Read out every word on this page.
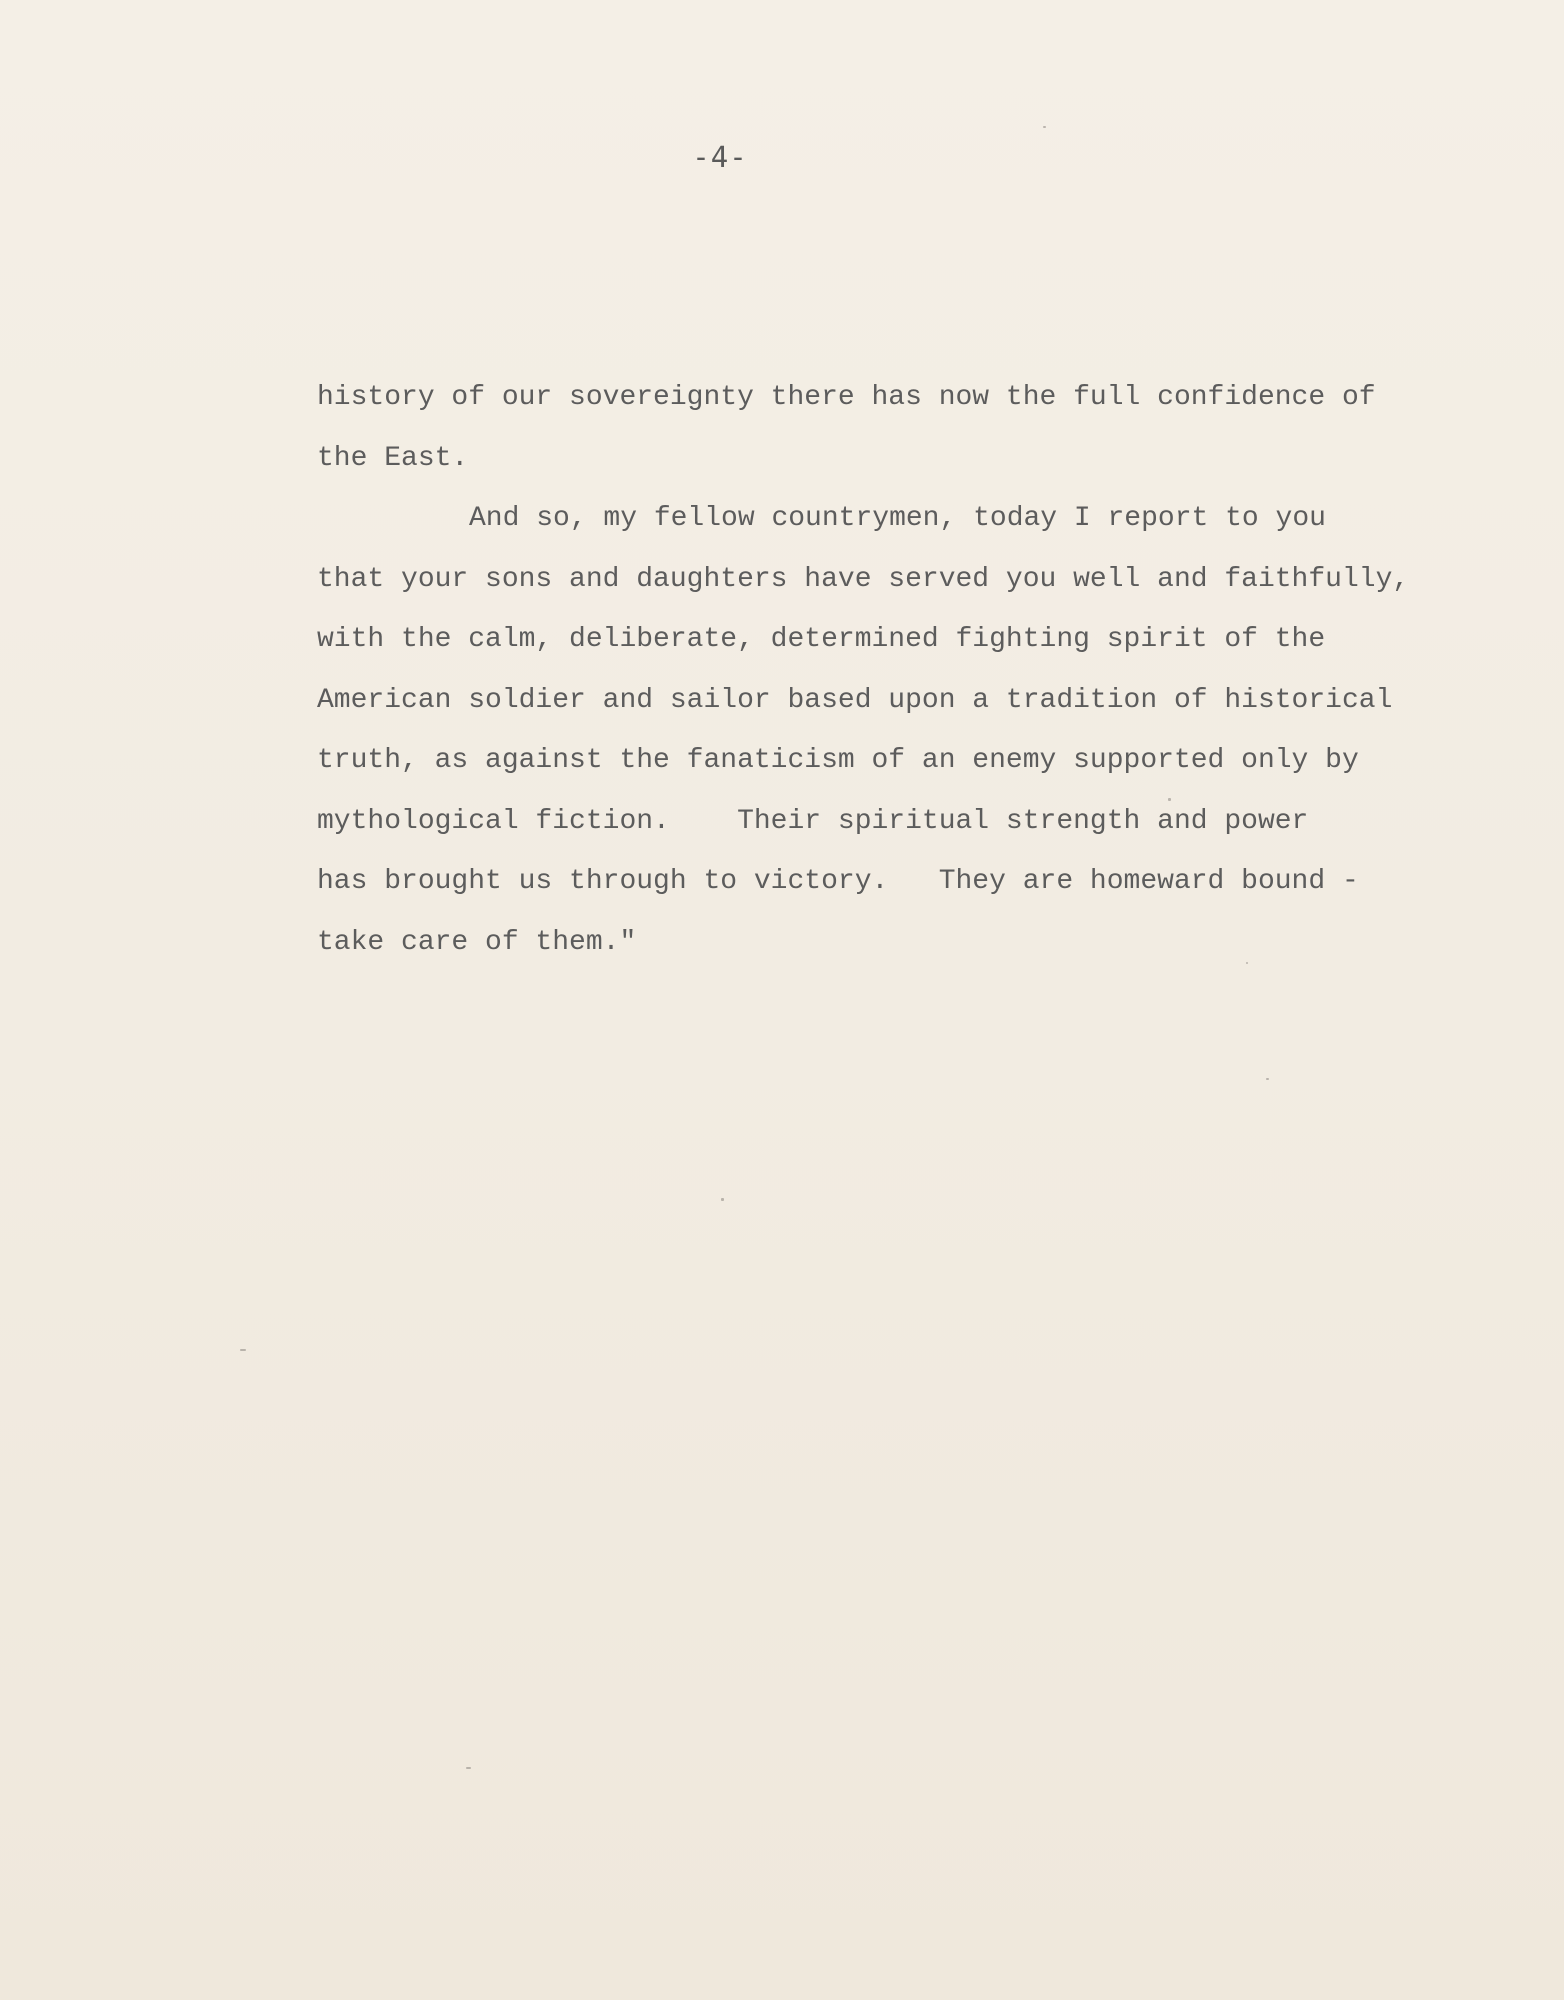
-4-
history of our sovereignty there has now the full confidence of
the East.
And so, my fellow countrymen, today I report to you
that your sons and daughters have served you well and faithfully,
with the calm, deliberate, determined fighting spirit of the
American soldier and sailor based upon a tradition of historical
truth, as against the fanaticism of an enemy supported only by
mythological fiction.    Their spiritual strength and power
has brought us through to victory.   They are homeward bound -
take care of them."
